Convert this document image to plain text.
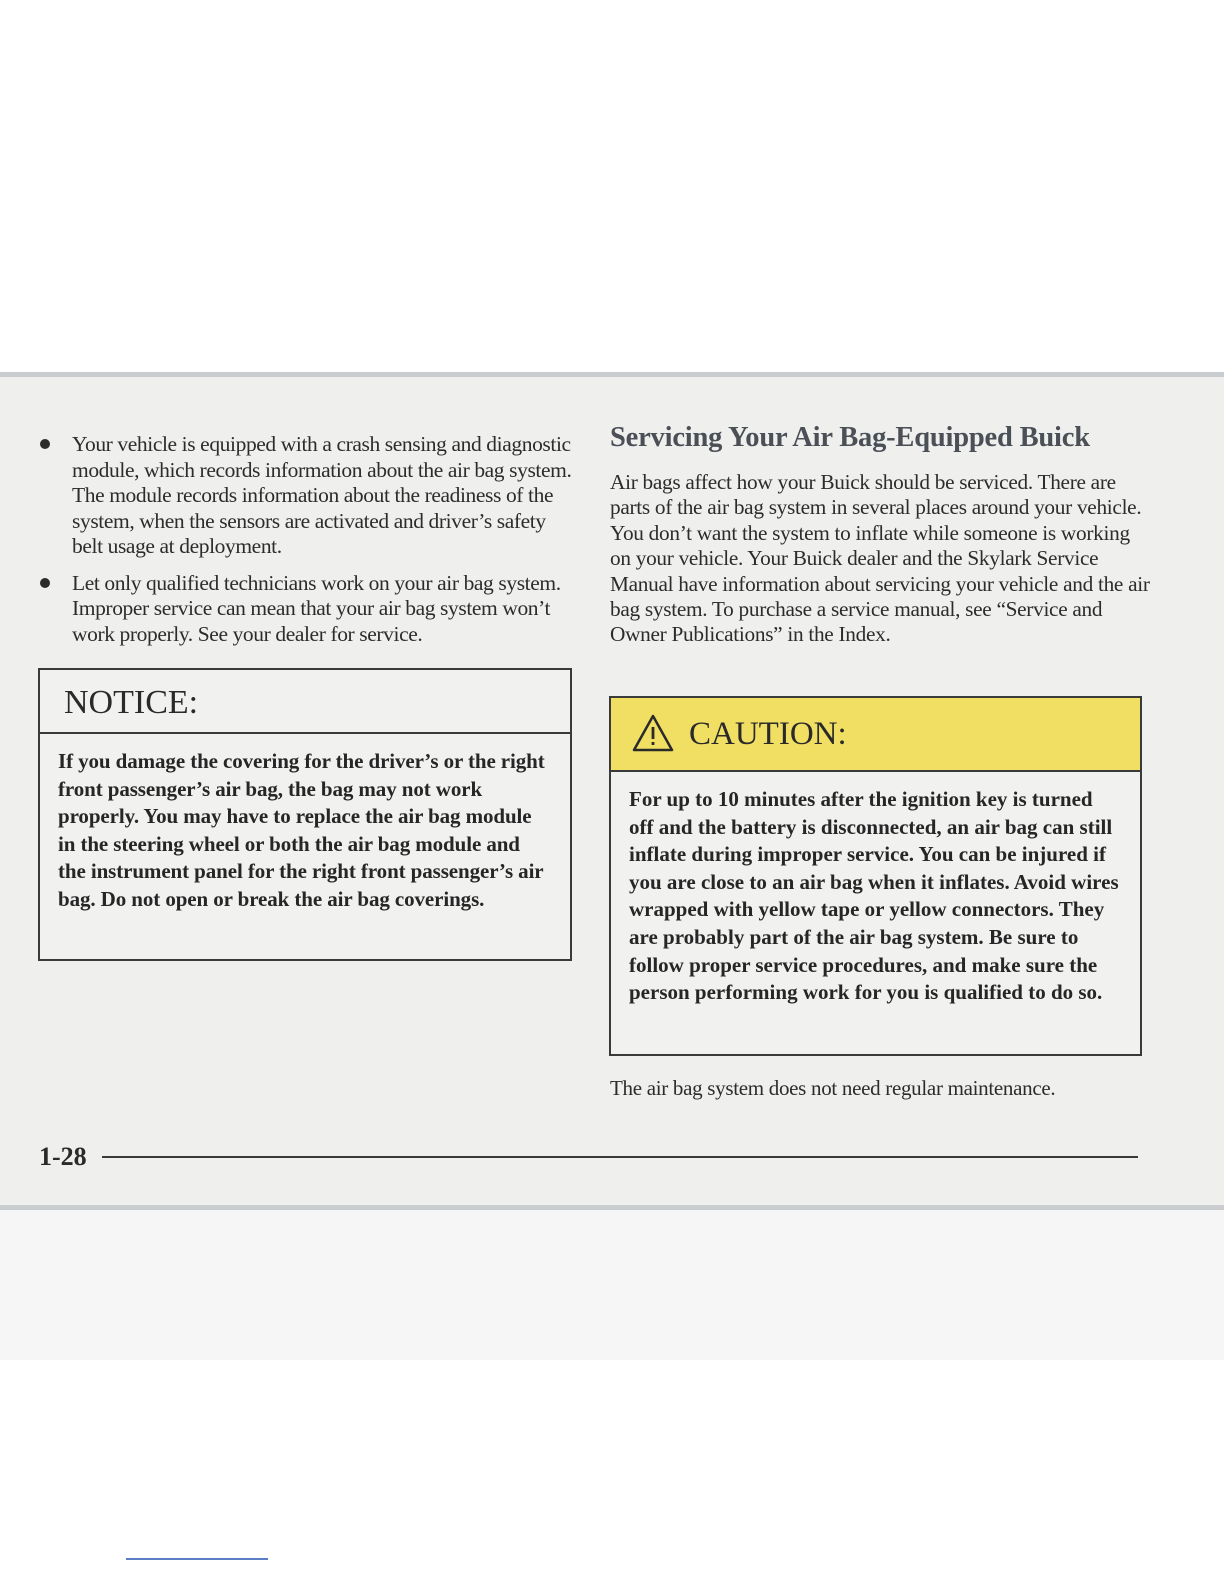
Your vehicle is equipped with a crash sensing and diagnostic module, which records information about the air bag system. The module records information about the readiness of the system, when the sensors are activated and driver’s safety belt usage at deployment.
Let only qualified technicians work on your air bag system. Improper service can mean that your air bag system won’t work properly. See your dealer for service.
NOTICE:
If you damage the covering for the driver’s or the right front passenger’s air bag, the bag may not work properly. You may have to replace the air bag module in the steering wheel or both the air bag module and the instrument panel for the right front passenger’s air bag. Do not open or break the air bag coverings.
Servicing Your Air Bag-Equipped Buick

Air bags affect how your Buick should be serviced. There are parts of the air bag system in several places around your vehicle. You don’t want the system to inflate while someone is working on your vehicle. Your Buick dealer and the Skylark Service Manual have information about servicing your vehicle and the air bag system. To purchase a service manual, see “Service and Owner Publications” in the Index.

CAUTION:
For up to 10 minutes after the ignition key is turned off and the battery is disconnected, an air bag can still inflate during improper service. You can be injured if you are close to an air bag when it inflates. Avoid wires wrapped with yellow tape or yellow connectors. They are probably part of the air bag system. Be sure to follow proper service procedures, and make sure the person performing work for you is qualified to do so.

The air bag system does not need regular maintenance.

1-28
